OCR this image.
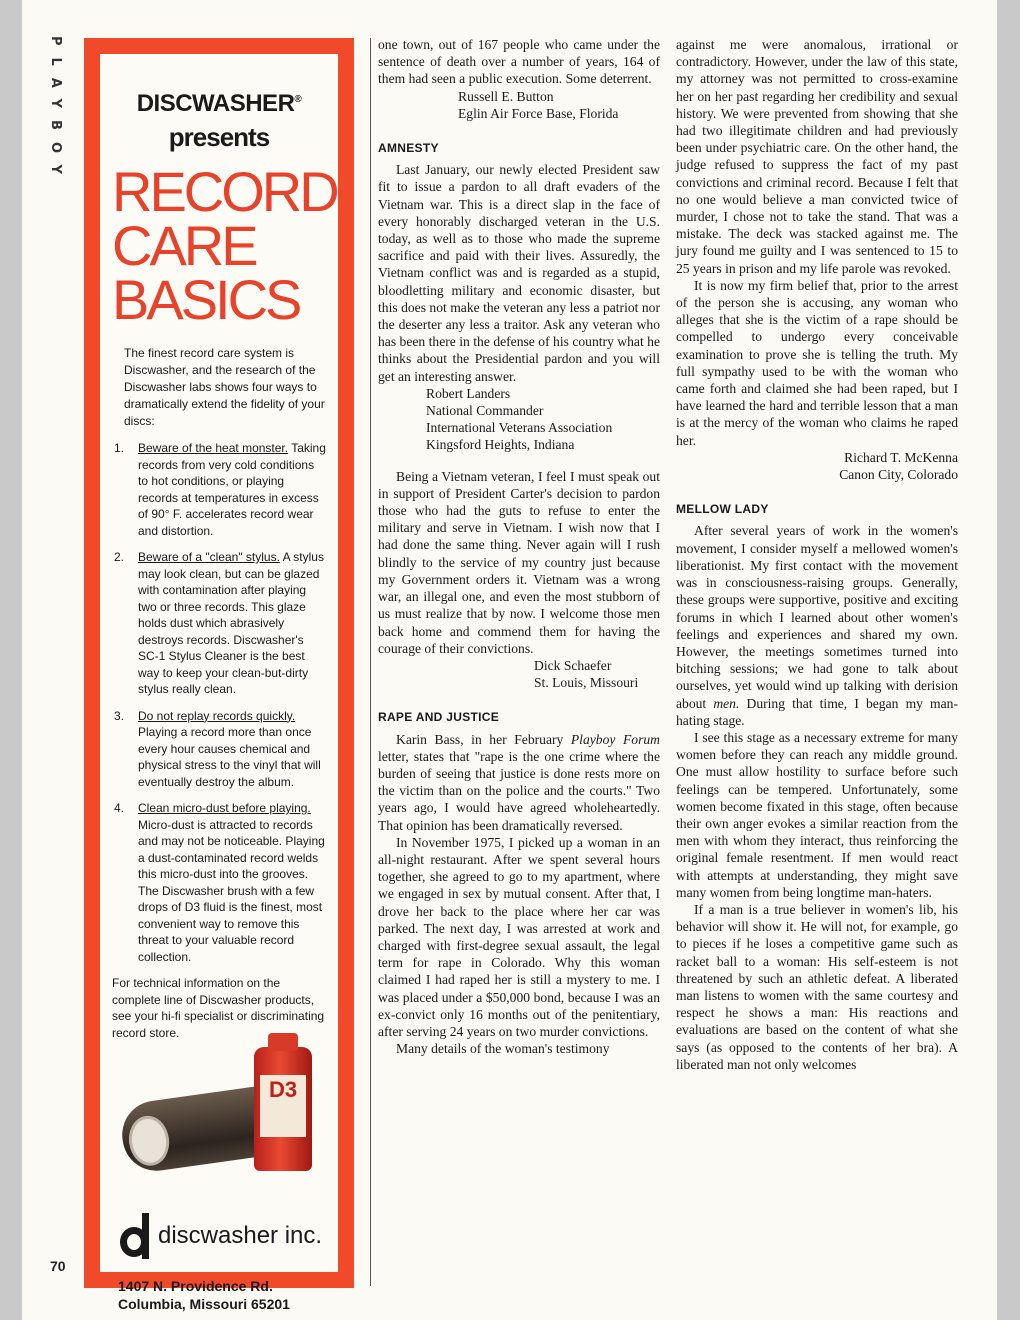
PLAYBOY
70

DISCWASHER®

presents

RECORD
CARE
BASICS

The finest record care system is Discwasher, and the research of the Discwasher labs shows four ways to dramatically extend the fidelity of your discs:

1. Beware of the heat monster. Taking records from very cold conditions to hot conditions, or playing records at temperatures in excess of 90° F. accelerates record wear and distortion.
2. Beware of a "clean" stylus. A stylus may look clean, but can be glazed with contamination after playing two or three records. This glaze holds dust which abrasively destroys records. Discwasher's SC-1 Stylus Cleaner is the best way to keep your clean-but-dirty stylus really clean.
3. Do not replay records quickly. Playing a record more than once every hour causes chemical and physical stress to the vinyl that will eventually destroy the album.
4. Clean micro-dust before playing. Micro-dust is attracted to records and may not be noticeable. Playing a dust-contaminated record welds this micro-dust into the grooves. The Discwasher brush with a few drops of D3 fluid is the finest, most convenient way to remove this threat to your valuable record collection.

For technical information on the complete line of Discwasher products, see your hi-fi specialist or discriminating record store.

D3
discwasher inc.
1407 N. Providence Rd.
Columbia, Missouri 65201

one town, out of 167 people who came under the sentence of death over a number of years, 164 of them had seen a public execution. Some deterrent.

Russell E. Button
Eglin Air Force Base, Florida

AMNESTY

Last January, our newly elected President saw fit to issue a pardon to all draft evaders of the Vietnam war. This is a direct slap in the face of every honorably discharged veteran in the U.S. today, as well as to those who made the supreme sacrifice and paid with their lives. Assuredly, the Vietnam conflict was and is regarded as a stupid, bloodletting military and economic disaster, but this does not make the veteran any less a patriot nor the deserter any less a traitor. Ask any veteran who has been there in the defense of his country what he thinks about the Presidential pardon and you will get an interesting answer.

Robert Landers
National Commander
International Veterans Association
Kingsford Heights, Indiana

Being a Vietnam veteran, I feel I must speak out in support of President Carter's decision to pardon those who had the guts to refuse to enter the military and serve in Vietnam. I wish now that I had done the same thing. Never again will I rush blindly to the service of my country just because my Government orders it. Vietnam was a wrong war, an illegal one, and even the most stubborn of us must realize that by now. I welcome those men back home and commend them for having the courage of their convictions.

Dick Schaefer
St. Louis, Missouri

RAPE AND JUSTICE

Karin Bass, in her February Playboy Forum letter, states that "rape is the one crime where the burden of seeing that justice is done rests more on the victim than on the police and the courts." Two years ago, I would have agreed wholeheartedly. That opinion has been dramatically reversed.

In November 1975, I picked up a woman in an all-night restaurant. After we spent several hours together, she agreed to go to my apartment, where we engaged in sex by mutual consent. After that, I drove her back to the place where her car was parked. The next day, I was arrested at work and charged with first-degree sexual assault, the legal term for rape in Colorado. Why this woman claimed I had raped her is still a mystery to me. I was placed under a $50,000 bond, because I was an ex-convict only 16 months out of the penitentiary, after serving 24 years on two murder convictions.

Many details of the woman's testimony

against me were anomalous, irrational or contradictory. However, under the law of this state, my attorney was not permitted to cross-examine her on her past regarding her credibility and sexual history. We were prevented from showing that she had two illegitimate children and had previously been under psychiatric care. On the other hand, the judge refused to suppress the fact of my past convictions and criminal record. Because I felt that no one would believe a man convicted twice of murder, I chose not to take the stand. That was a mistake. The deck was stacked against me. The jury found me guilty and I was sentenced to 15 to 25 years in prison and my life parole was revoked.

It is now my firm belief that, prior to the arrest of the person she is accusing, any woman who alleges that she is the victim of a rape should be compelled to undergo every conceivable examination to prove she is telling the truth. My full sympathy used to be with the woman who came forth and claimed she had been raped, but I have learned the hard and terrible lesson that a man is at the mercy of the woman who claims he raped her.

Richard T. McKenna
Canon City, Colorado

MELLOW LADY

After several years of work in the women's movement, I consider myself a mellowed women's liberationist. My first contact with the movement was in consciousness-raising groups. Generally, these groups were supportive, positive and exciting forums in which I learned about other women's feelings and experiences and shared my own. However, the meetings sometimes turned into bitching sessions; we had gone to talk about ourselves, yet would wind up talking with derision about men. During that time, I began my man-hating stage.

I see this stage as a necessary extreme for many women before they can reach any middle ground. One must allow hostility to surface before such feelings can be tempered. Unfortunately, some women become fixated in this stage, often because their own anger evokes a similar reaction from the men with whom they interact, thus reinforcing the original female resentment. If men would react with attempts at understanding, they might save many women from being longtime man-haters.

If a man is a true believer in women's lib, his behavior will show it. He will not, for example, go to pieces if he loses a competitive game such as racket ball to a woman: His self-esteem is not threatened by such an athletic defeat. A liberated man listens to women with the same courtesy and respect he shows a man: His reactions and evaluations are based on the content of what she says (as opposed to the contents of her bra). A liberated man not only welcomes
